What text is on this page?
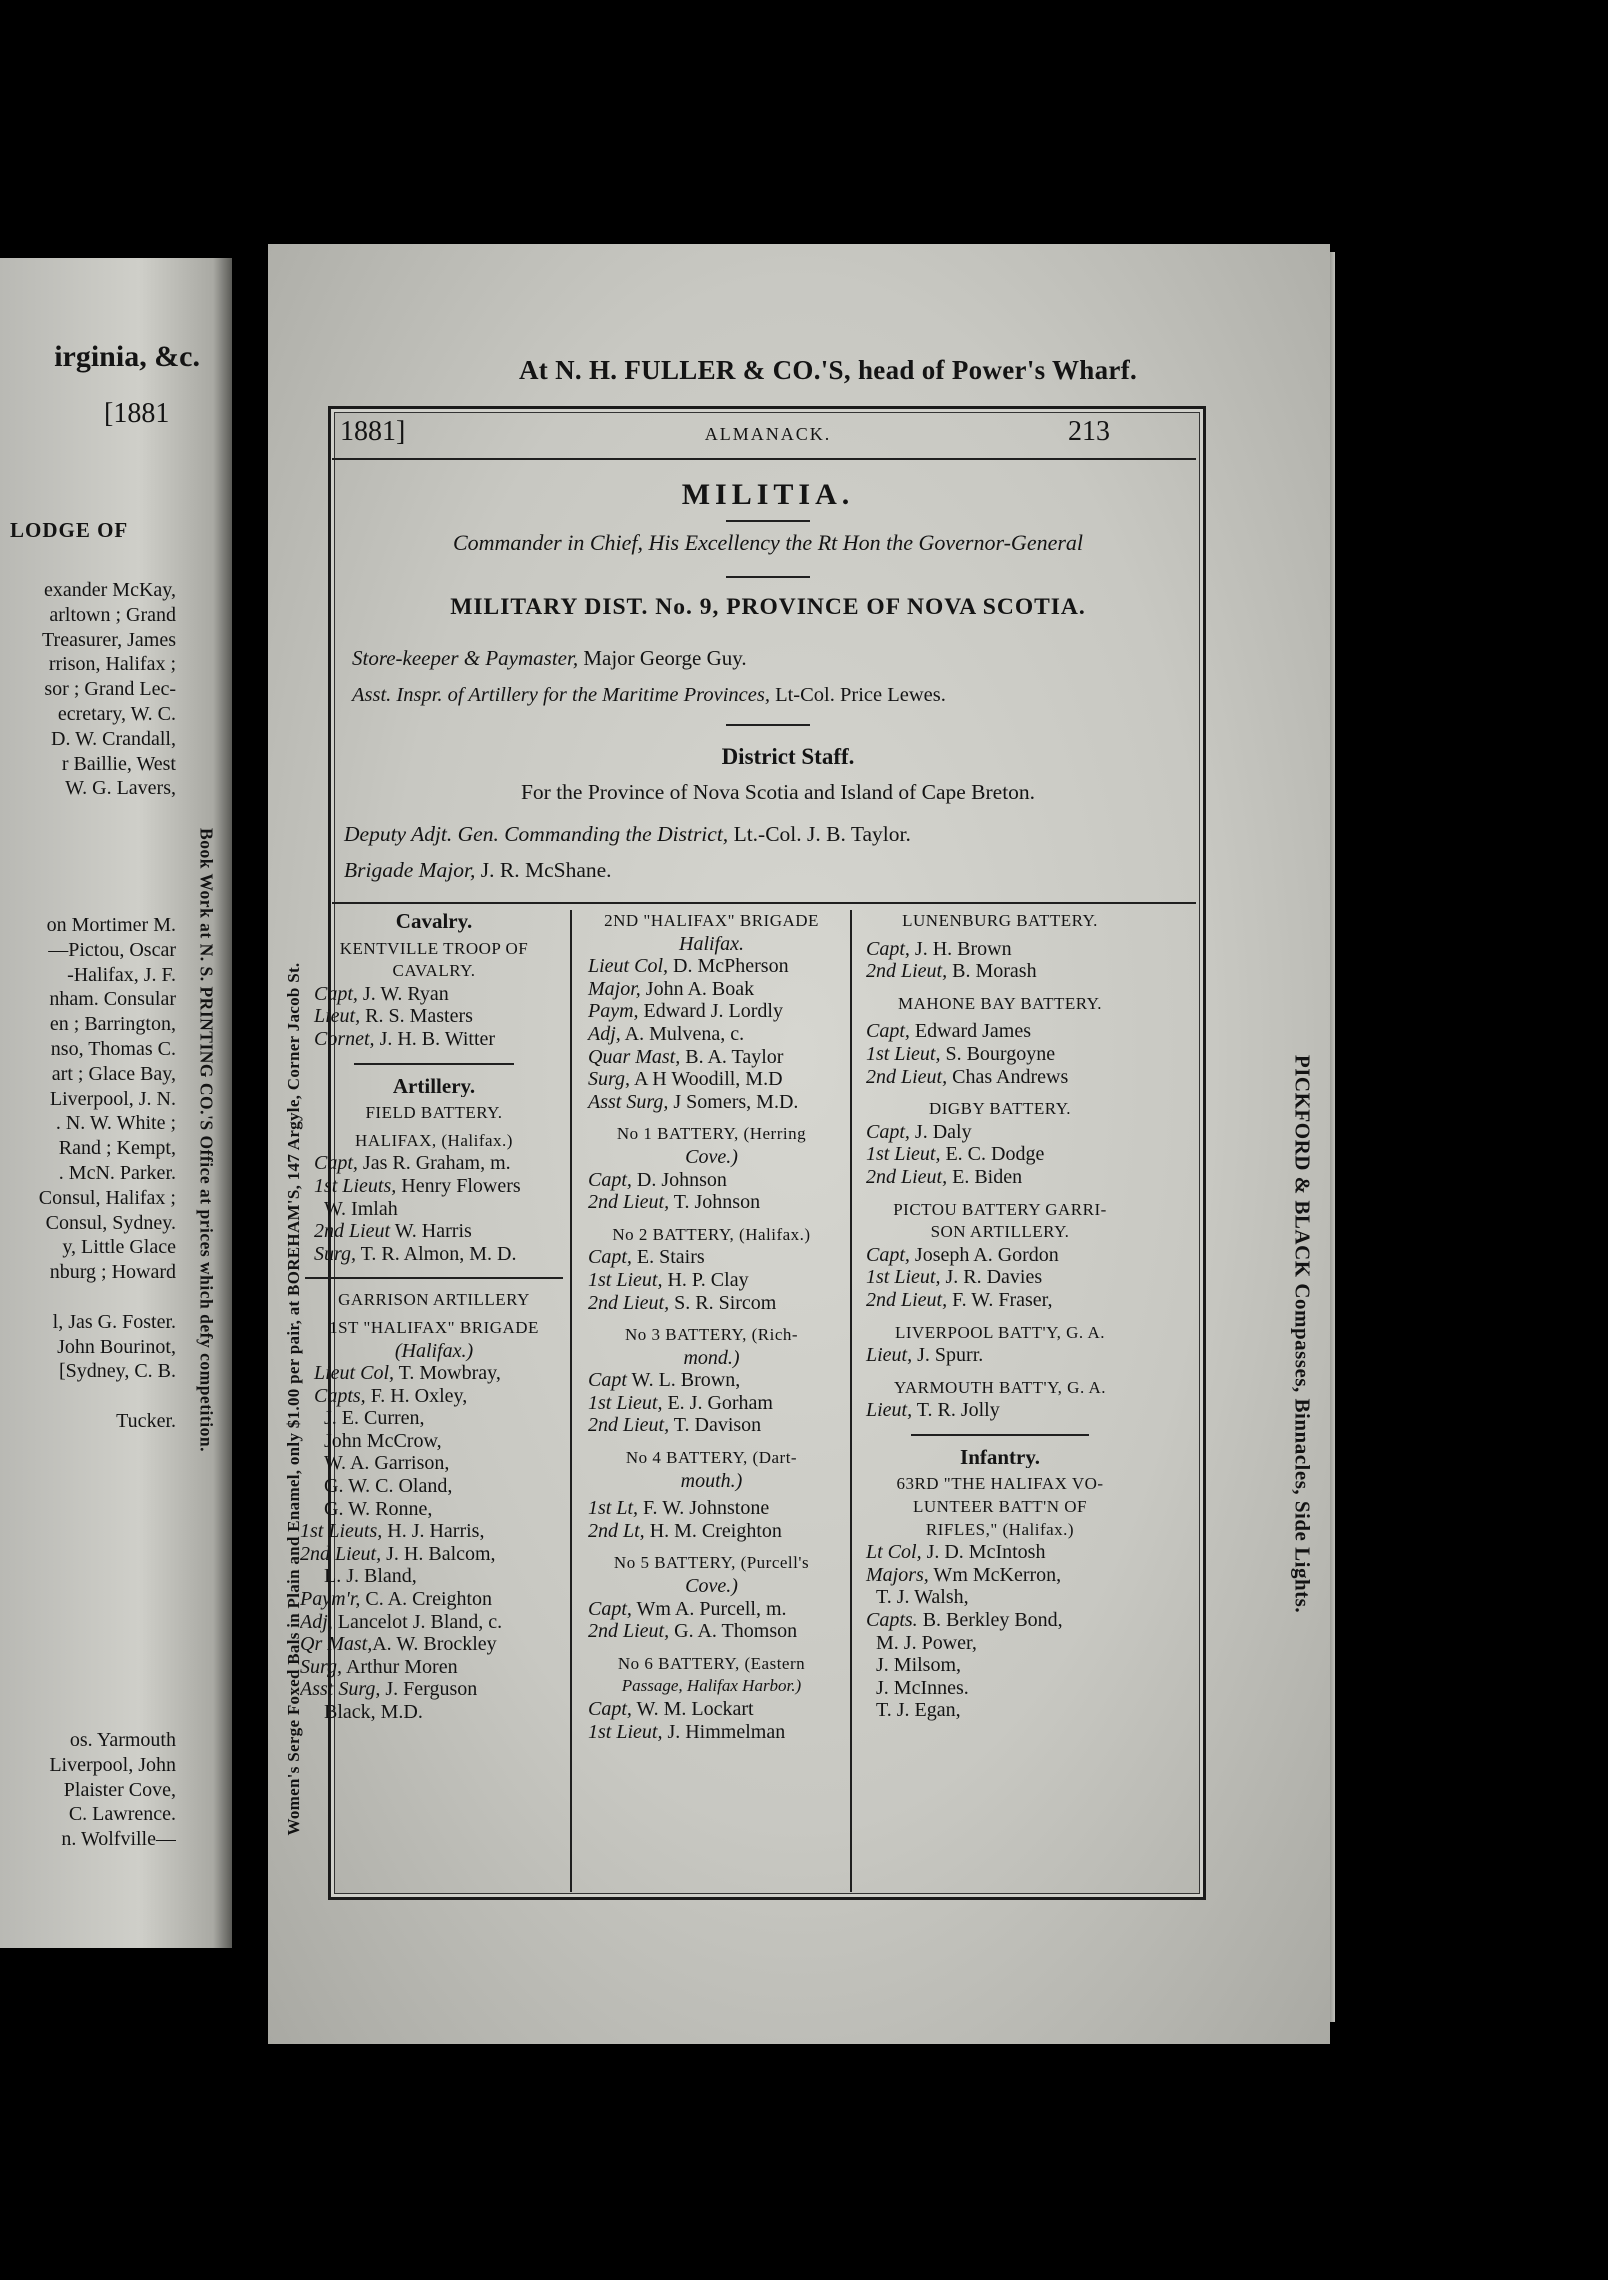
irginia, &c.
[1881
LODGE OF
exander McKay,
arltown ; Grand
Treasurer, James
rrison, Halifax ;
sor ; Grand Lec-
ecretary, W. C.
D. W. Crandall,
r Baillie, West
W. G. Lavers,
on Mortimer M.
—Pictou, Oscar
-Halifax, J. F.
nham. Consular
en ; Barrington,
nso, Thomas C.
art ; Glace Bay,
Liverpool, J. N.
. N. W. White ;
Rand ; Kempt,
. McN. Parker.
Consul, Halifax ;
Consul, Sydney.
y, Little Glace
nburg ; Howard

l, Jas G. Foster.
John Bourinot,
[Sydney, C. B.

Tucker.
os. Yarmouth
Liverpool, John
Plaister Cove,
C. Lawrence.
n. Wolfville—
Book Work at N. S. PRINTING CO.'S Office at prices which defy competition.
At N. H. FULLER & CO.'S, head of Power's Wharf.
Women's Serge Foxed Bals in Plain and Enamel, only $1.00 per pair, at BOREHAM'S, 147 Argyle, Corner Jacob St.	PICKFORD & BLACK Compasses, Binnacles, Side Lights.
1881]	ALMANACK.	213
MILITIA.
Commander in Chief, His Excellency the Rt Hon the Governor-General
MILITARY DIST. No. 9, PROVINCE OF NOVA SCOTIA.
Store-keeper & Paymaster, Major George Guy.
Asst. Inspr. of Artillery for the Maritime Provinces, Lt-Col. Price Lewes.
District Staff.
For the Province of Nova Scotia and Island of Cape Breton.
Deputy Adjt. Gen. Commanding the District, Lt.-Col. J. B. Taylor.
Brigade Major, J. R. McShane.
Cavalry.
KENTVILLE TROOP OF
CAVALRY.
Capt, J. W. Ryan
Lieut, R. S. Masters
Cornet, J. H. B. Witter
Artillery.
FIELD BATTERY.
HALIFAX, (Halifax.)
Capt, Jas R. Graham, m.
1st Lieuts, Henry Flowers
W. Imlah
2nd Lieut W. Harris
Surg, T. R. Almon, M. D.
GARRISON ARTILLERY
1ST "HALIFAX" BRIGADE
(Halifax.)
Lieut Col, T. Mowbray,
Capts, F. H. Oxley,
J. E. Curren,
John McCrow,
W. A. Garrison,
G. W. C. Oland,
G. W. Ronne,
1st Lieuts, H. J. Harris,
2nd Lieut, J. H. Balcom,
L. J. Bland,
Paym'r, C. A. Creighton
Adj, Lancelot J. Bland, c.
Qr Mast,A. W. Brockley
Surg, Arthur Moren
Asst Surg, J. Ferguson
Black, M.D.
2ND "HALIFAX" BRIGADE
Halifax.
Lieut Col, D. McPherson
Major, John A. Boak
Paym, Edward J. Lordly
Adj, A. Mulvena, c.
Quar Mast, B. A. Taylor
Surg, A H Woodill, M.D
Asst Surg, J Somers, M.D.
No 1 BATTERY, (Herring
Cove.)
Capt, D. Johnson
2nd Lieut, T. Johnson
No 2 BATTERY, (Halifax.)
Capt, E. Stairs
1st Lieut, H. P. Clay
2nd Lieut, S. R. Sircom
No 3 BATTERY, (Rich-
mond.)
Capt W. L. Brown,
1st Lieut, E. J. Gorham
2nd Lieut, T. Davison
No 4 BATTERY, (Dart-
mouth.)
1st Lt, F. W. Johnstone
2nd Lt, H. M. Creighton
No 5 BATTERY, (Purcell's
Cove.)
Capt, Wm A. Purcell, m.
2nd Lieut, G. A. Thomson
No 6 BATTERY, (Eastern
Passage, Halifax Harbor.)
Capt, W. M. Lockart
1st Lieut, J. Himmelman
LUNENBURG BATTERY.
Capt, J. H. Brown
2nd Lieut, B. Morash
MAHONE BAY BATTERY.
Capt, Edward James
1st Lieut, S. Bourgoyne
2nd Lieut, Chas Andrews
DIGBY BATTERY.
Capt, J. Daly
1st Lieut, E. C. Dodge
2nd Lieut, E. Biden
PICTOU BATTERY GARRI-
SON ARTILLERY.
Capt, Joseph A. Gordon
1st Lieut, J. R. Davies
2nd Lieut, F. W. Fraser,
LIVERPOOL BATT'Y, G. A.
Lieut, J. Spurr.
YARMOUTH BATT'Y, G. A.
Lieut, T. R. Jolly
Infantry.
63RD "THE HALIFAX VO-
LUNTEER BATT'N OF
RIFLES," (Halifax.)
Lt Col, J. D. McIntosh
Majors, Wm McKerron,
T. J. Walsh,
Capts. B. Berkley Bond,
M. J. Power,
J. Milsom,
J. McInnes.
T. J. Egan,
